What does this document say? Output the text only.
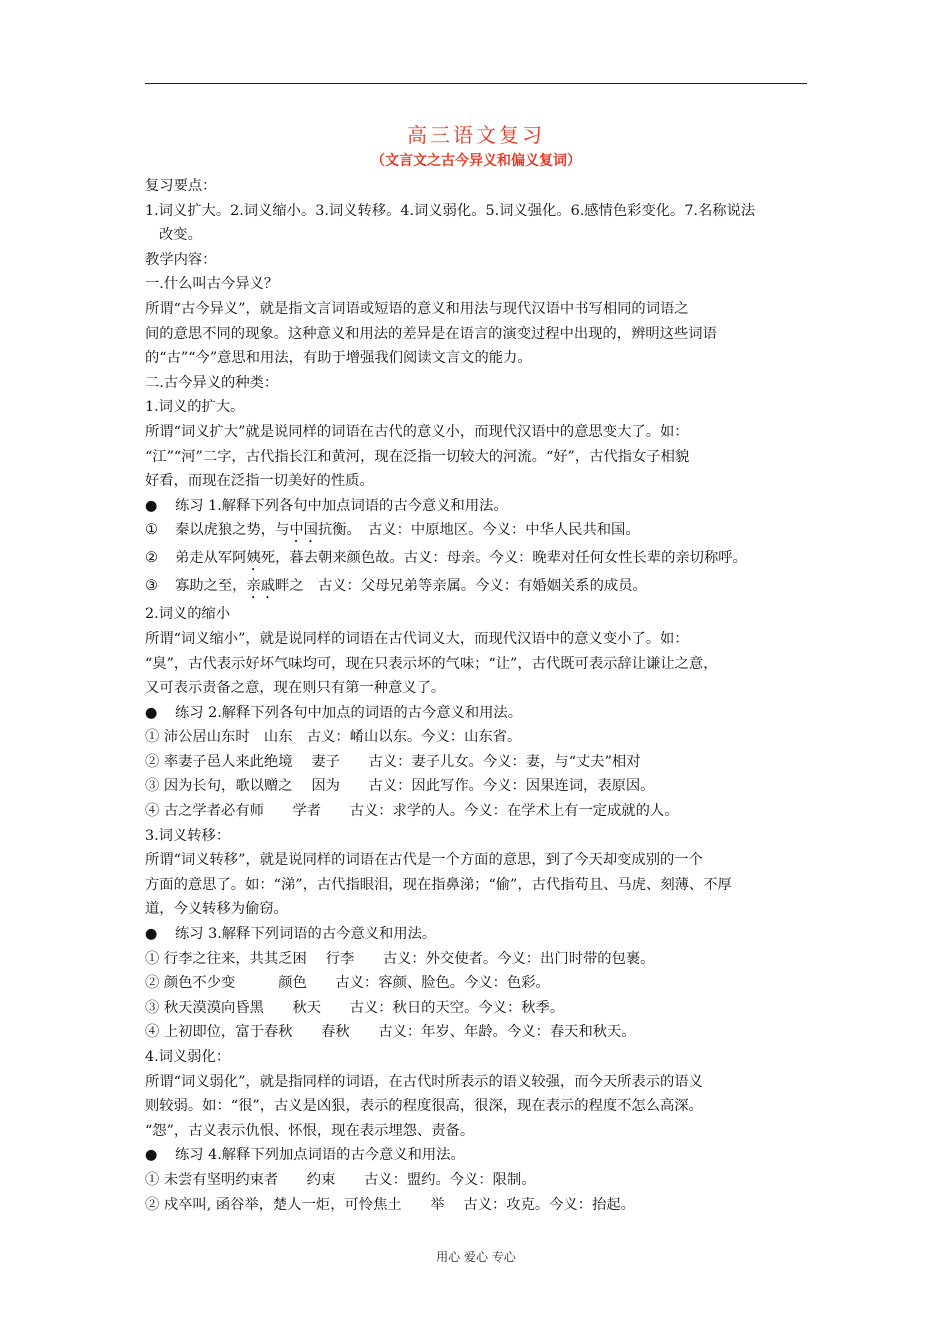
高三语文复习
（文言文之古今异义和偏义复词）

复习要点：

1.词义扩大。2.词义缩小。3.词义转移。4.词义弱化。5.词义强化。6.感情色彩变化。7.名称说法

改变。

教学内容：

一.什么叫古今异义？

所谓“古今异义”，就是指文言词语或短语的意义和用法与现代汉语中书写相同的词语之

间的意思不同的现象。这种意义和用法的差异是在语言的演变过程中出现的，辨明这些词语

的“古”“今”意思和用法，有助于增强我们阅读文言文的能力。

二.古今异义的种类：

1.词义的扩大。

所谓“词义扩大”就是说同样的词语在古代的意义小，而现代汉语中的意思变大了。如：

“江”“河”二字，古代指长江和黄河，现在泛指一切较大的河流。“好”，古代指女子相貌

好看，而现在泛指一切美好的性质。

● 练习 1.解释下列各句中加点词语的古今意义和用法。

① 秦以虎狼之势，与中国抗衡。　古义：中原地区。今义：中华人民共和国。

② 弟走从军阿姨死，暮去朝来颜色故。古义：母亲。今义：晚辈对任何女性长辈的亲切称呼。

③ 寡助之至，亲戚畔之　古义：父母兄弟等亲属。今义：有婚姻关系的成员。

2.词义的缩小

所谓“词义缩小”，就是说同样的词语在古代词义大，而现代汉语中的意义变小了。如：

“臭”，古代表示好坏气味均可，现在只表示坏的气味；“让”，古代既可表示辞让谦让之意，

又可表示责备之意，现在则只有第一种意义了。

● 练习 2.解释下列各句中加点的词语的古今意义和用法。

① 沛公居山东时　山东　古义：崤山以东。今义：山东省。

② 率妻子邑人来此绝境　 妻子　　古义：妻子儿女。今义：妻，与“丈夫”相对

③ 因为长句，歌以赠之　 因为　　古义：因此写作。今义：因果连词，表原因。

④ 古之学者必有师　　学者　　古义：求学的人。今义：在学术上有一定成就的人。

3.词义转移：

所谓“词义转移”，就是说同样的词语在古代是一个方面的意思，到了今天却变成别的一个

方面的意思了。如：“涕”，古代指眼泪，现在指鼻涕；“偷”，古代指苟且、马虎、刻薄、不厚

道，今义转移为偷窃。

● 练习 3.解释下列词语的古今意义和用法。

① 行李之往来，共其乏困　 行李　　古义：外交使者。今义：出门时带的包裹。

② 颜色不少变　　　颜色　　古义：容颜、脸色。今义：色彩。

③ 秋天漠漠向昏黑　　秋天　　古义：秋日的天空。今义：秋季。

④ 上初即位，富于春秋　　春秋　　古义：年岁、年龄。今义：春天和秋天。

4.词义弱化：

所谓“词义弱化”，就是指同样的词语，在古代时所表示的语义较强，而今天所表示的语义

则较弱。如：“很”，古义是凶狠，表示的程度很高，很深，现在表示的程度不怎么高深。

“怨”，古义表示仇恨、怀恨，现在表示埋怨、责备。

● 练习 4.解释下列加点词语的古今意义和用法。

① 未尝有坚明约束者　　约束　　古义：盟约。今义：限制。

② 戍卒叫, 函谷举，楚人一炬，可怜焦土　　举　 古义：攻克。今义：抬起。

用心 爱心 专心
